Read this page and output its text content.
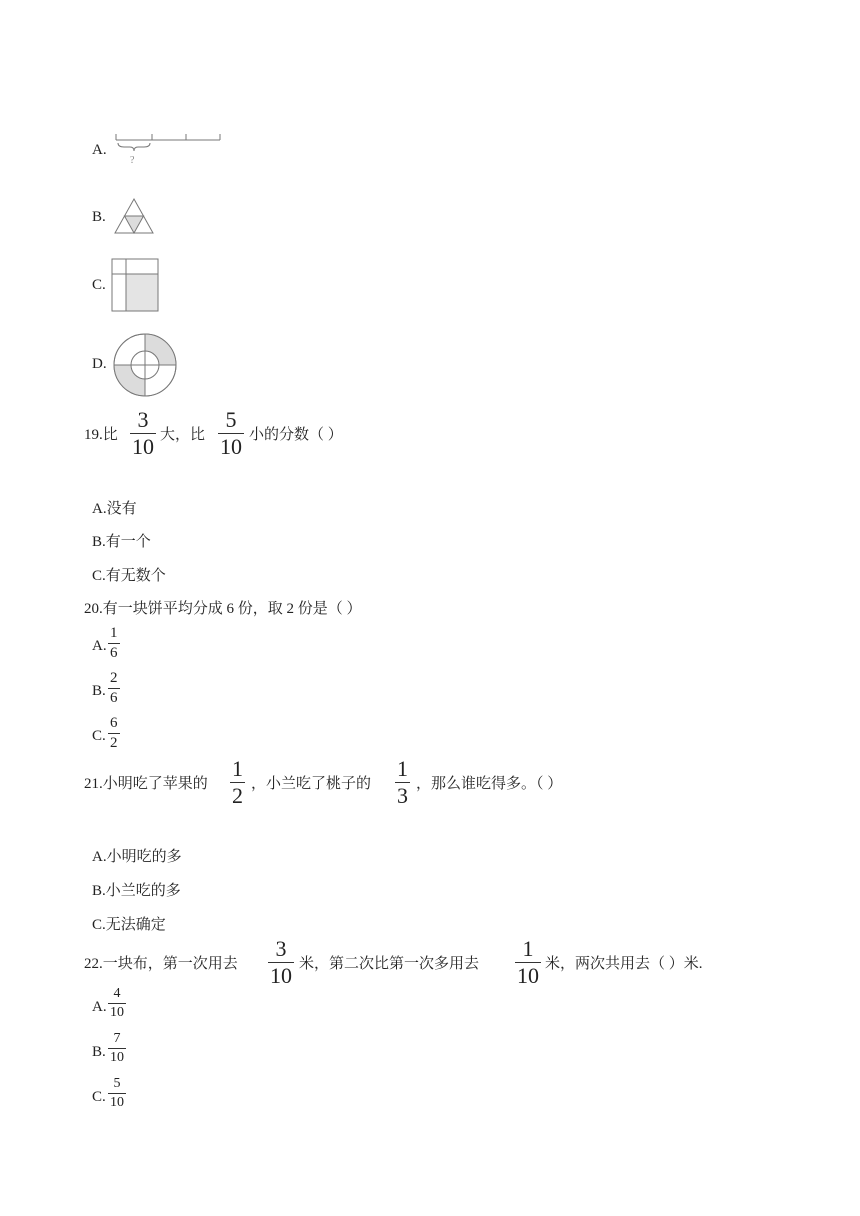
A.
?
B.
C.
D.
19.比 $\frac{3}{10}$ 大，比 $\frac{5}{10}$ 小的分数（ ）
A.没有
B.有一个
C.有无数个
20.有一块饼平均分成 6 份，取 2 份是（ ）
A. $\frac{1}{6}$
B. $\frac{2}{6}$
C. $\frac{6}{2}$
21.小明吃了苹果的 $\frac{1}{2}$ ，小兰吃了桃子的 $\frac{1}{3}$ ，那么谁吃得多。（ ）
A.小明吃的多
B.小兰吃的多
C.无法确定
22.一块布，第一次用去 $\frac{3}{10}$ 米，第二次比第一次多用去 $\frac{1}{10}$ 米，两次共用去（ ）米.
A. $\frac{4}{10}$
B. $\frac{7}{10}$
C. $\frac{5}{10}$
